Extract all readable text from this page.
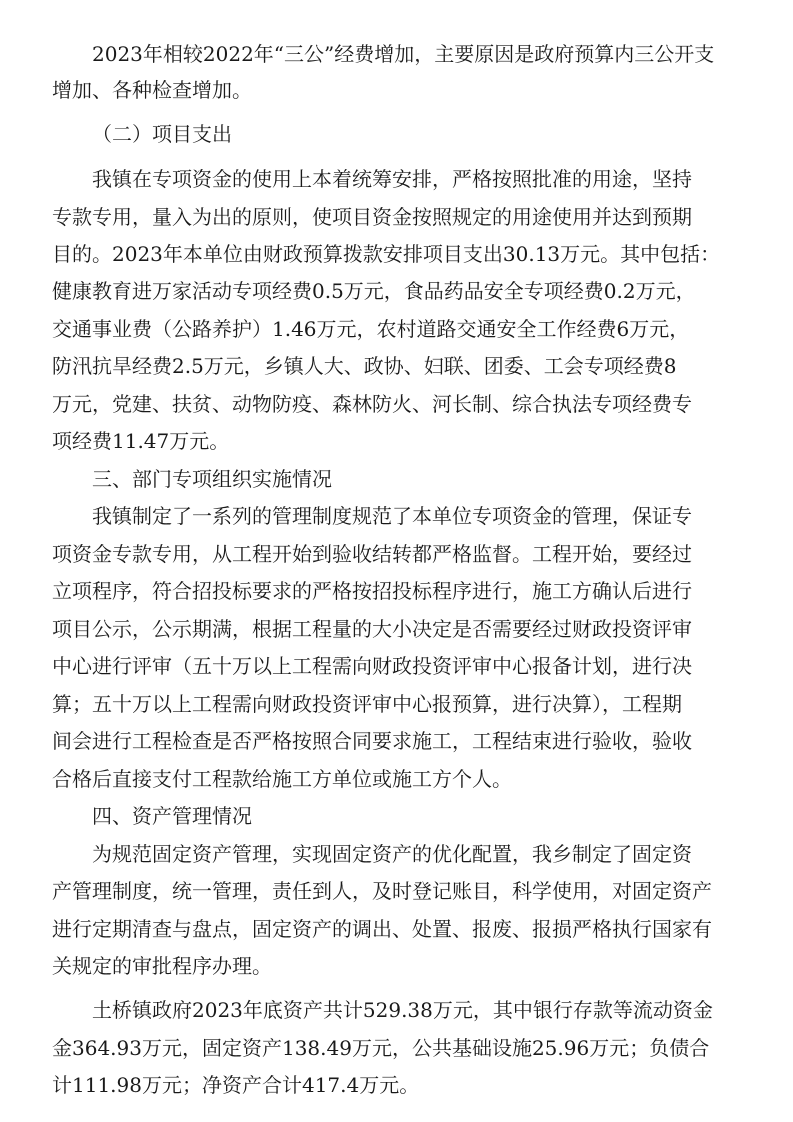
2023年相较2022年“三公”经费增加，主要原因是政府预算内三公开支
增加、各种检查增加。
（二）项目支出
我镇在专项资金的使用上本着统筹安排，严格按照批准的用途，坚持
专款专用，量入为出的原则，使项目资金按照规定的用途使用并达到预期
目的。2023年本单位由财政预算拨款安排项目支出30.13万元。其中包括：
健康教育进万家活动专项经费0.5万元，食品药品安全专项经费0.2万元，
交通事业费（公路养护）1.46万元，农村道路交通安全工作经费6万元，
防汛抗旱经费2.5万元，乡镇人大、政协、妇联、团委、工会专项经费8
万元，党建、扶贫、动物防疫、森林防火、河长制、综合执法专项经费专
项经费11.47万元。
三、部门专项组织实施情况
我镇制定了一系列的管理制度规范了本单位专项资金的管理，保证专
项资金专款专用，从工程开始到验收结转都严格监督。工程开始，要经过
立项程序，符合招投标要求的严格按招投标程序进行，施工方确认后进行
项目公示，公示期满，根据工程量的大小决定是否需要经过财政投资评审
中心进行评审（五十万以上工程需向财政投资评审中心报备计划，进行决
算；五十万以上工程需向财政投资评审中心报预算，进行决算），工程期
间会进行工程检查是否严格按照合同要求施工，工程结束进行验收，验收
合格后直接支付工程款给施工方单位或施工方个人。
四、资产管理情况
为规范固定资产管理，实现固定资产的优化配置，我乡制定了固定资
产管理制度，统一管理，责任到人，及时登记账目，科学使用，对固定资产
进行定期清查与盘点，固定资产的调出、处置、报废、报损严格执行国家有
关规定的审批程序办理。
土桥镇政府2023年底资产共计529.38万元，其中银行存款等流动资金
金364.93万元，固定资产138.49万元，公共基础设施25.96万元；负债合
计111.98万元；净资产合计417.4万元。
